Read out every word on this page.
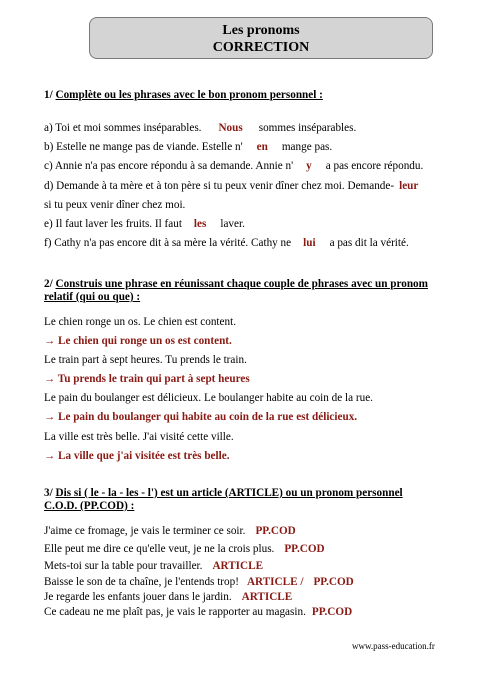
Les pronoms
CORRECTION
1/ Complète ou les phrases avec le bon pronom personnel :
a) Toi et moi sommes inséparables. Nous sommes inséparables.
b) Estelle ne mange pas de viande. Estelle n' en mange pas.
c) Annie n'a pas encore répondu à sa demande. Annie n' y a pas encore répondu.
d) Demande à ta mère et à ton père si tu peux venir dîner chez moi. Demande- leur
si tu peux venir dîner chez moi.
e) Il faut laver les fruits. Il faut les laver.
f) Cathy n'a pas encore dit à sa mère la vérité. Cathy ne lui a pas dit la vérité.
2/ Construis une phrase en réunissant chaque couple de phrases avec un pronom
relatif (qui ou que) :
Le chien ronge un os. Le chien est content.
→ Le chien qui ronge un os est content.
Le train part à sept heures. Tu prends le train.
→ Tu prends le train qui part à sept heures
Le pain du boulanger est délicieux. Le boulanger habite au coin de la rue.
→ Le pain du boulanger qui habite au coin de la rue est délicieux.
La ville est très belle. J'ai visité cette ville.
→ La ville que j'ai visitée est très belle.
3/ Dis si ( le - la - les - l') est un article (ARTICLE) ou un pronom personnel
C.O.D. (PP.COD) :
J'aime ce fromage, je vais le terminer ce soir. PP.COD
Elle peut me dire ce qu'elle veut, je ne la crois plus. PP.COD
Mets-toi sur la table pour travailler. ARTICLE
Baisse le son de ta chaîne, je l'entends trop! ARTICLE / PP.COD
Je regarde les enfants jouer dans le jardin. ARTICLE
Ce cadeau ne me plaît pas, je vais le rapporter au magasin. PP.COD
www.pass-education.fr
